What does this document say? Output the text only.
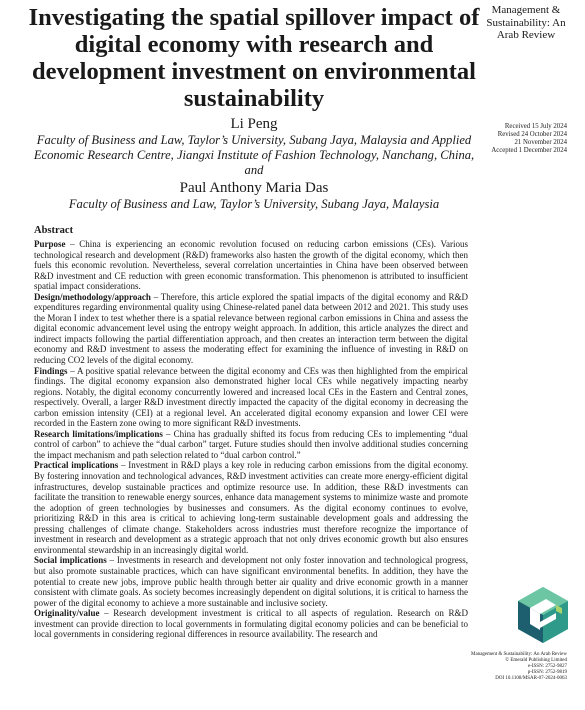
Investigating the spatial spillover impact of digital economy with research and development investment on environmental sustainability
Management &
Sustainability: An
Arab Review
Received 15 July 2024
Revised 24 October 2024
21 November 2024
Accepted 1 December 2024
Li Peng
Faculty of Business and Law, Taylor’s University, Subang Jaya, Malaysia and Applied Economic Research Centre, Jiangxi Institute of Fashion Technology, Nanchang, China, and
Paul Anthony Maria Das
Faculty of Business and Law, Taylor’s University, Subang Jaya, Malaysia
Abstract

Purpose – China is experiencing an economic revolution focused on reducing carbon emissions (CEs). Various technological research and development (R&D) frameworks also hasten the growth of the digital economy, which then fuels this economic revolution. Nevertheless, several correlation uncertainties in China have been observed between R&D investment and CE reduction with green economic transformation. This phenomenon is attributed to insufficient spatial impact considerations.

Design/methodology/approach – Therefore, this article explored the spatial impacts of the digital economy and R&D expenditures regarding environmental quality using Chinese-related panel data between 2012 and 2021. This study uses the Moran I index to test whether there is a spatial relevance between regional carbon emissions in China and assess the digital economic advancement level using the entropy weight approach. In addition, this article analyzes the direct and indirect impacts following the partial differentiation approach, and then creates an interaction term between the digital economy and R&D investment to assess the moderating effect for examining the influence of investing in R&D on reducing CO2 levels of the digital economy.

Findings – A positive spatial relevance between the digital economy and CEs was then highlighted from the empirical findings. The digital economy expansion also demonstrated higher local CEs while negatively impacting nearby regions. Notably, the digital economy concurrently lowered and increased local CEs in the Eastern and Central zones, respectively. Overall, a larger R&D investment directly impacted the capacity of the digital economy in decreasing the carbon emission intensity (CEI) at a regional level. An accelerated digital economy expansion and lower CEI were recorded in the Eastern zone owing to more significant R&D investments.

Research limitations/implications – China has gradually shifted its focus from reducing CEs to implementing “dual control of carbon” to achieve the “dual carbon” target. Future studies should then involve additional studies concerning the impact mechanism and path selection related to “dual carbon control.”

Practical implications – Investment in R&D plays a key role in reducing carbon emissions from the digital economy. By fostering innovation and technological advances, R&D investment activities can create more energy-efficient digital infrastructures, develop sustainable practices and optimize resource use. In addition, these R&D investments can facilitate the transition to renewable energy sources, enhance data management systems to minimize waste and promote the adoption of green technologies by businesses and consumers. As the digital economy continues to evolve, prioritizing R&D in this area is critical to achieving long-term sustainable development goals and addressing the pressing challenges of climate change. Stakeholders across industries must therefore recognize the importance of investment in research and development as a strategic approach that not only drives economic growth but also ensures environmental stewardship in an increasingly digital world.

Social implications – Investments in research and development not only foster innovation and technological progress, but also promote sustainable practices, which can have significant environmental benefits. In addition, they have the potential to create new jobs, improve public health through better air quality and drive economic growth in a manner consistent with climate goals. As society becomes increasingly dependent on digital solutions, it is critical to harness the power of the digital economy to achieve a more sustainable and inclusive society.

Originality/value – Research development investment is critical to all aspects of regulation. Research on R&D investment can provide direction to local governments in formulating digital economy policies and can be beneficial to local governments in considering regional differences in resource availability. The research and

Management & Sustainability: An Arab Review
© Emerald Publishing Limited
e-ISSN: 2752-9827
p-ISSN: 2752-9819
DOI 10.1108/MSAR-07-2024-0063
